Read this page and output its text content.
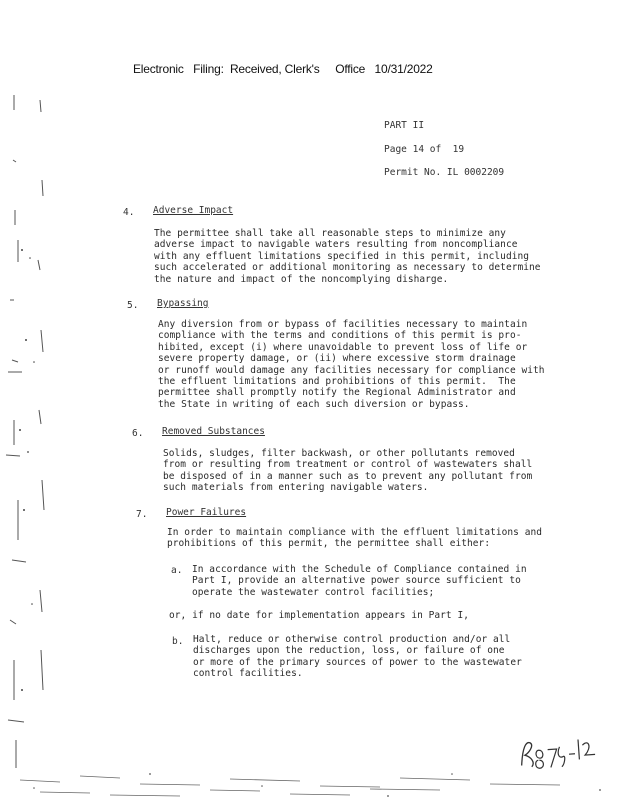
Electronic   Filing:  Received, Clerk's     Office   10/31/2022
PART II
Page 14 of  19
Permit No. IL 0002209
4. Adverse Impact
The permittee shall take all reasonable steps to minimize any
adverse impact to navigable waters resulting from noncompliance
with any effluent limitations specified in this permit, including
such accelerated or additional monitoring as necessary to determine
the nature and impact of the noncomplying disharge.
5. Bypassing
Any diversion from or bypass of facilities necessary to maintain
compliance with the terms and conditions of this permit is pro-
hibited, except (i) where unavoidable to prevent loss of life or
severe property damage, or (ii) where excessive storm drainage
or runoff would damage any facilities necessary for compliance with
the effluent limitations and prohibitions of this permit.  The
permittee shall promptly notify the Regional Administrator and
the State in writing of each such diversion or bypass.
6. Removed Substances
Solids, sludges, filter backwash, or other pollutants removed
from or resulting from treatment or control of wastewaters shall
be disposed of in a manner such as to prevent any pollutant from
such materials from entering navigable waters.
7. Power Failures
In order to maintain compliance with the effluent limitations and
prohibitions of this permit, the permittee shall either:
a. In accordance with the Schedule of Compliance contained in
Part I, provide an alternative power source sufficient to
operate the wastewater control facilities;
or, if no date for implementation appears in Part I,
b. Halt, reduce or otherwise control production and/or all
discharges upon the reduction, loss, or failure of one
or more of the primary sources of power to the wastewater
control facilities.
